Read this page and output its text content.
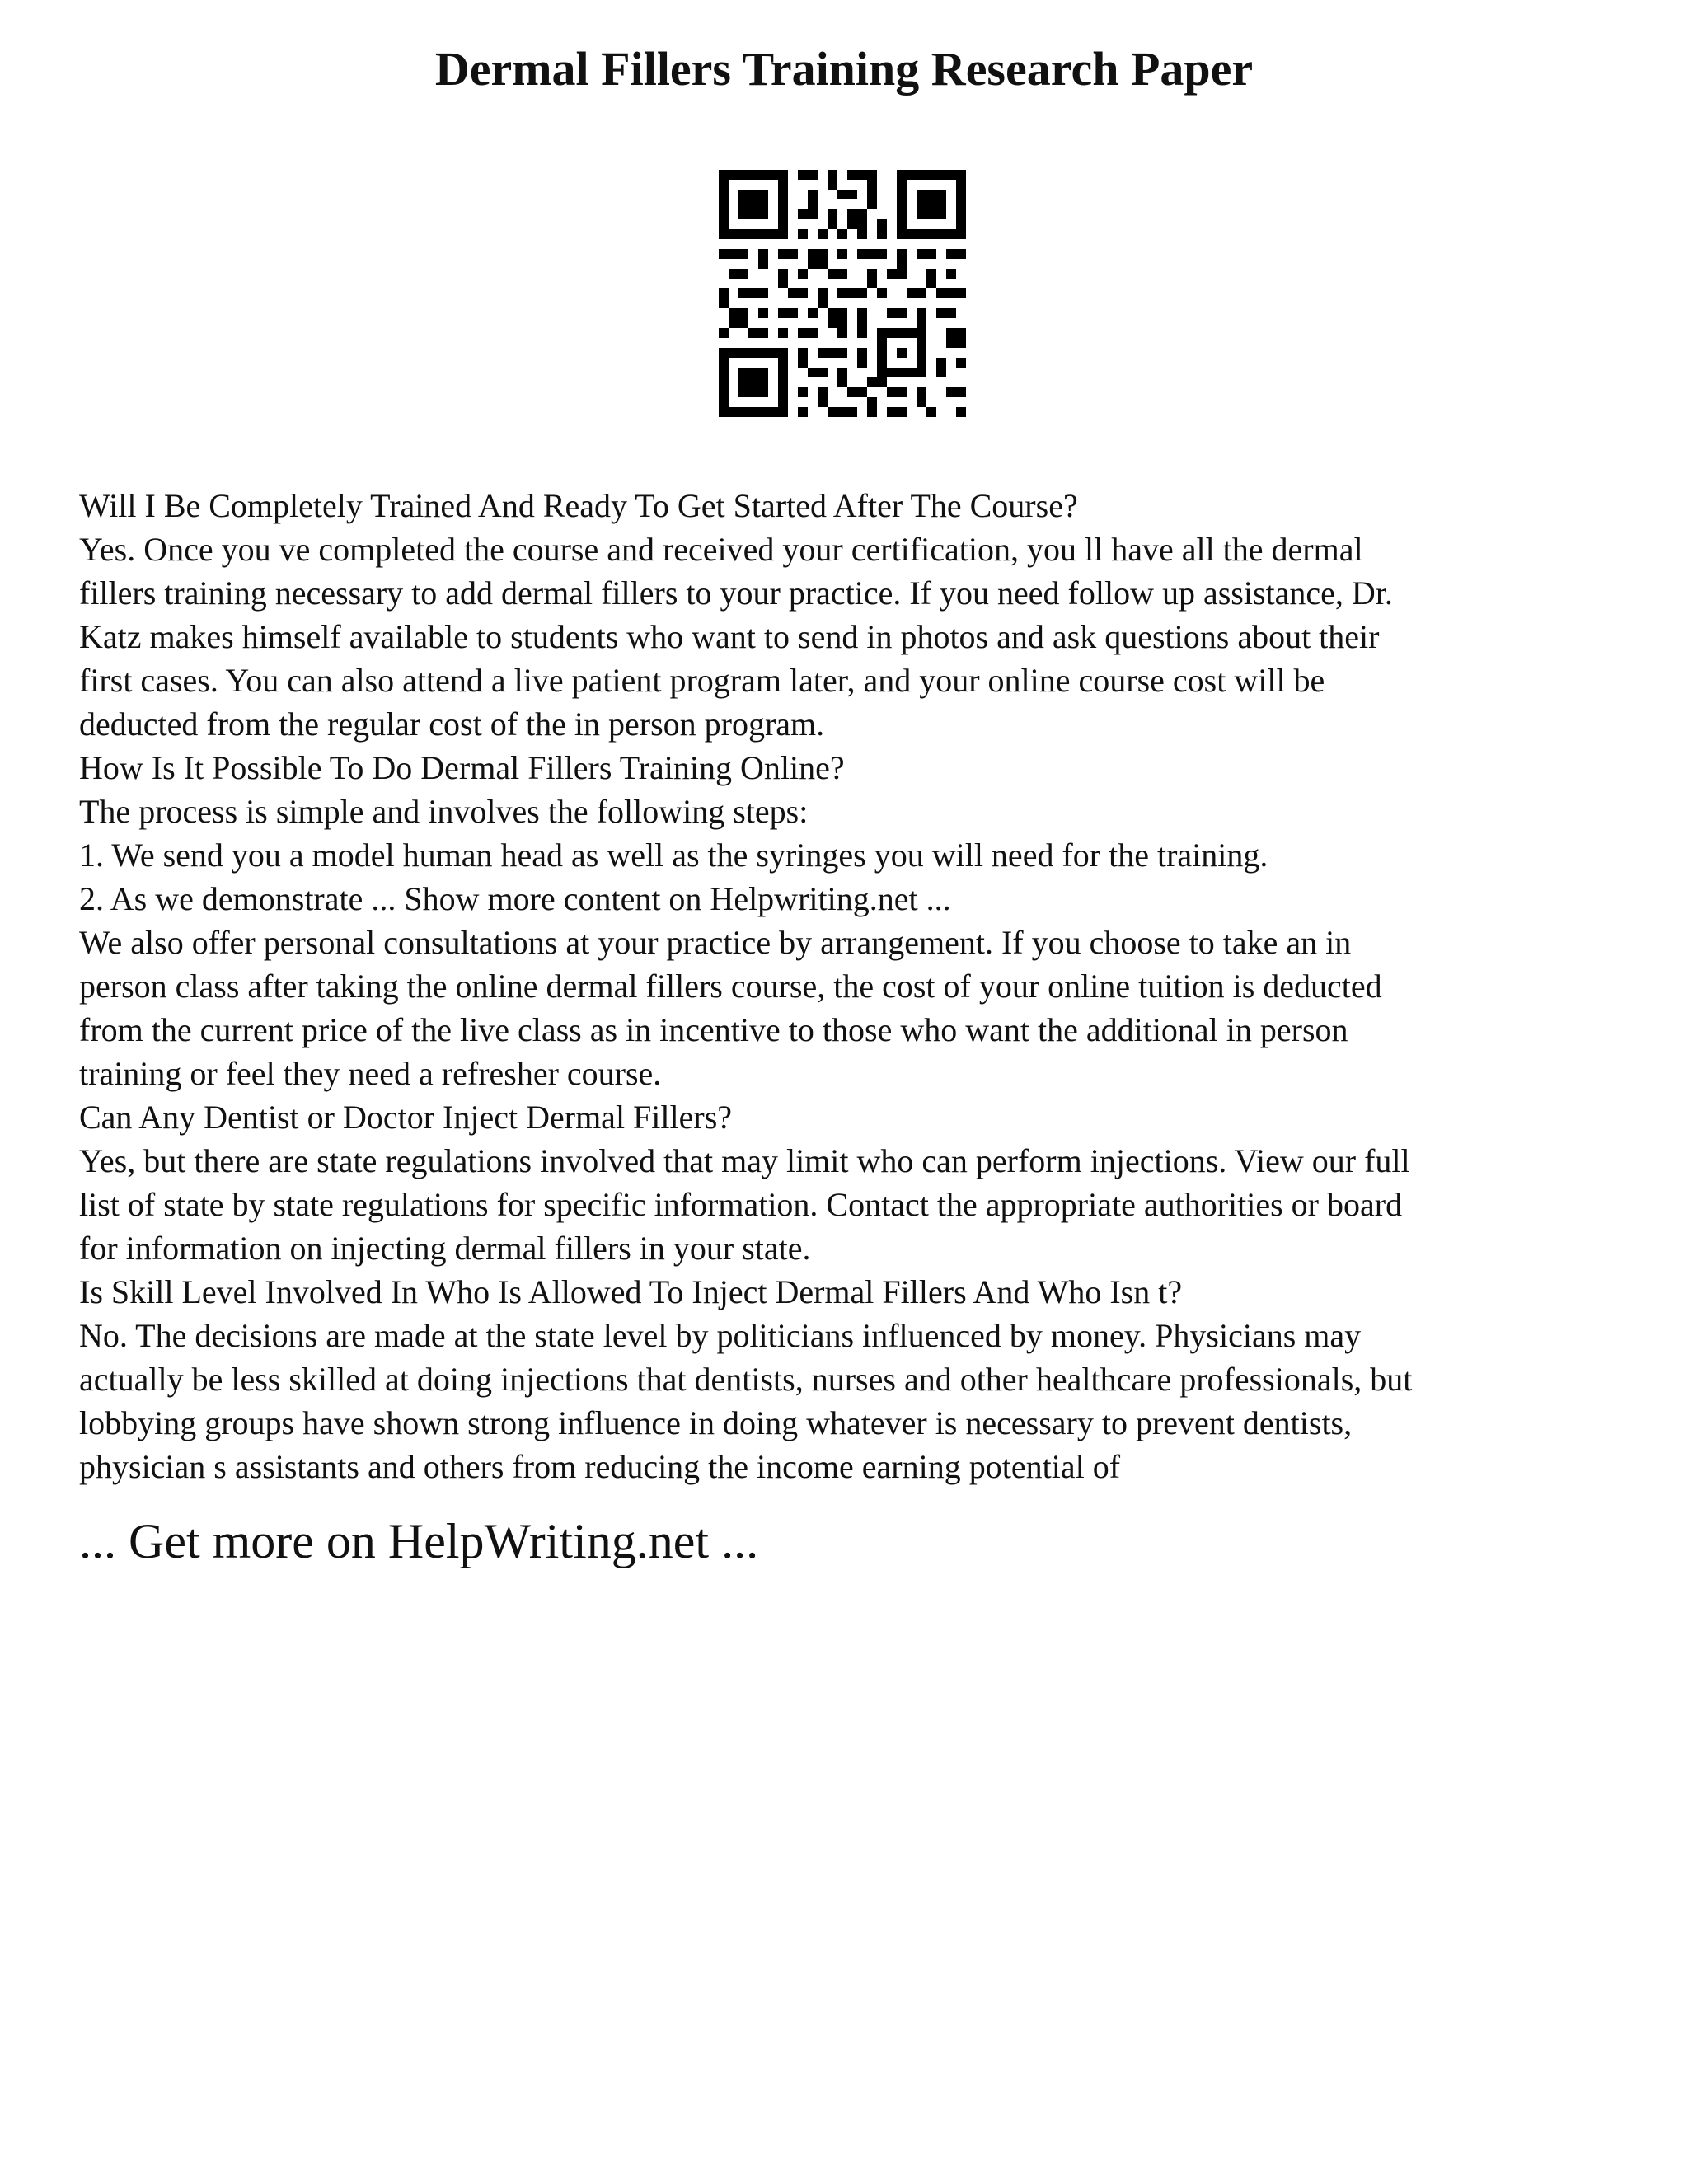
Dermal Fillers Training Research Paper
Will I Be Completely Trained And Ready To Get Started After The Course?
Yes. Once you ve completed the course and received your certification, you ll have all the dermal
fillers training necessary to add dermal fillers to your practice. If you need follow up assistance, Dr.
Katz makes himself available to students who want to send in photos and ask questions about their
first cases. You can also attend a live patient program later, and your online course cost will be
deducted from the regular cost of the in person program.
How Is It Possible To Do Dermal Fillers Training Online?
The process is simple and involves the following steps:
1. We send you a model human head as well as the syringes you will need for the training.
2. As we demonstrate ... Show more content on Helpwriting.net ...
We also offer personal consultations at your practice by arrangement. If you choose to take an in
person class after taking the online dermal fillers course, the cost of your online tuition is deducted
from the current price of the live class as in incentive to those who want the additional in person
training or feel they need a refresher course.
Can Any Dentist or Doctor Inject Dermal Fillers?
Yes, but there are state regulations involved that may limit who can perform injections. View our full
list of state by state regulations for specific information. Contact the appropriate authorities or board
for information on injecting dermal fillers in your state.
Is Skill Level Involved In Who Is Allowed To Inject Dermal Fillers And Who Isn t?
No. The decisions are made at the state level by politicians influenced by money. Physicians may
actually be less skilled at doing injections that dentists, nurses and other healthcare professionals, but
lobbying groups have shown strong influence in doing whatever is necessary to prevent dentists,
physician s assistants and others from reducing the income earning potential of

... Get more on HelpWriting.net ...
